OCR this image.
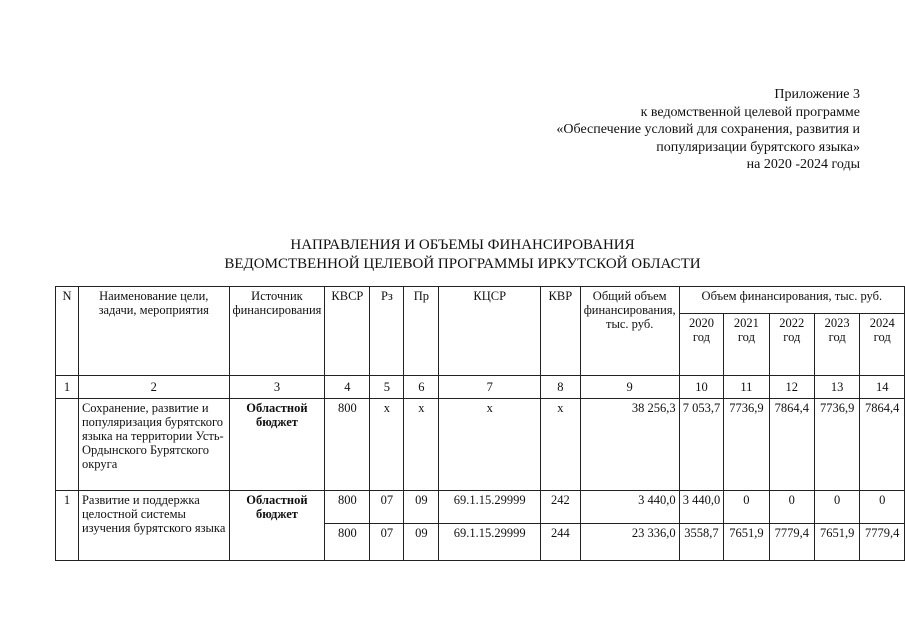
Приложение 3
к ведомственной целевой программе
«Обеспечение условий для сохранения, развития и
популяризации бурятского языка»
на 2020 -2024 годы
НАПРАВЛЕНИЯ И ОБЪЕМЫ ФИНАНСИРОВАНИЯ
ВЕДОМСТВЕННОЙ ЦЕЛЕВОЙ ПРОГРАММЫ ИРКУТСКОЙ ОБЛАСТИ
N	Наименование цели, задачи, мероприятия	Источник финансирования	КВСР	Рз	Пр	КЦСР	КВР	Общий объем финансирования, тыс. руб.	Объем финансирования, тыс. руб.				
									2020 год	2021 год	2022 год	2023 год	2024 год
1	2	3	4	5	6	7	8	9	10	11	12	13	14
	Сохранение, развитие и популяризация бурятского языка на территории Усть-Ордынского Бурятского округа	Областной бюджет	800	х	х	х	х	38 256,3	7 053,7	7736,9	7864,4	7736,9	7864,4
1	Развитие и поддержка целостной системы изучения бурятского языка	Областной бюджет	800	07	09	69.1.15.29999	242	3 440,0	3 440,0	0	0	0	0
			800	07	09	69.1.15.29999	244	23 336,0	3558,7	7651,9	7779,4	7651,9	7779,4
